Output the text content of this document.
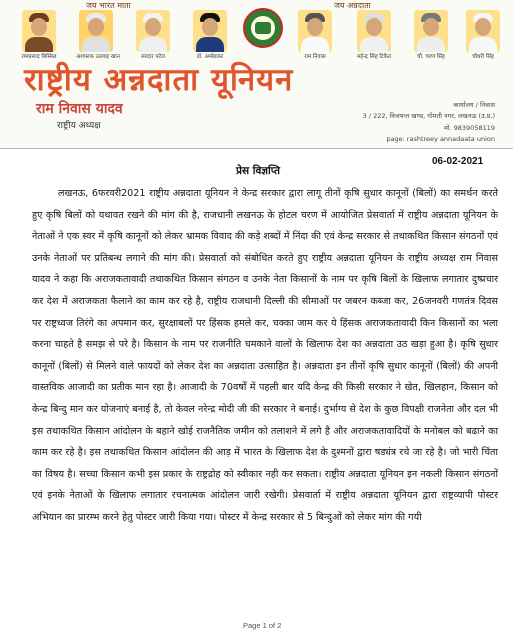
जय भारत माता	जय अन्नदाता
रामप्रसाद बिस्मिल	अशफाक उल्लाह खान	सरदार पटेल	डॉ. अम्बेडकर	राम निवास	महेन्द्र सिंह टिकैत	चौ. चरण सिंह	चौधरी सिंह
राष्ट्रीय अन्नदाता यूनियन
राम निवास यादव
राष्ट्रीय अध्यक्ष
कार्यालय / निवास
3 / 222, विजयन्त खण्ड, गोमती नगर, लखनऊ (उ.प्र.)
मो. 9839058119
page: rashtreey annadaata union
06-02-2021
प्रेस विज्ञप्ति

लखनऊ, 6फरवरी2021 राष्ट्रीय अन्नदाता यूनियन ने केन्द्र सरकार द्वारा लागू तीनों कृषि सुधार कानूनों (बिलों) का समर्थन करते हुए कृषि बिलों को यथावत रखने की मांग की है, राजधानी लखनऊ के होटल चरण में आयोजित प्रेसवार्ता में राष्ट्रीय अन्नदाता यूनियन के नेताओं ने एक स्वर में कृषि कानूनों को लेकर भ्रामक विवाद की कड़े शब्दों में निंदा की एवं केन्द्र सरकार से तथाकथित किसान संगठनों एवं उनके नेताओं पर प्रतिबन्ध लगाने की मांग की। प्रेसवार्ता को संबोधित करते हुए राष्ट्रीय अन्नदाता यूनियन के राष्ट्रीय अध्यक्ष राम निवास यादव ने कहा कि अराजकतावादी तथाकथित किसान संगठन व उनके नेता किसानों के नाम पर कृषि बिलों के खिलाफ लगातार दुष्प्रचार कर देश में अराजकता फैलाने का काम कर रहे है, राष्ट्रीय राजधानी दिल्ली की सीमाओं पर जबरन कब्जा कर, 26जनवरी गणतंत्र दिवस पर राष्ट्रध्वज तिरंगे का अपमान कर, सुरक्षाबलों पर हिंसक हमले कर, चक्का जाम कर ये हिंसक अराजकतावादी किन किसानों का भला करना चाहते है समझ से परे है। किसान के नाम पर राजनीति चमकाने वालों के खिलाफ देश का अन्नदाता उठ खड़ा हुआ है। कृषि सुधार कानूनों (बिलों) से मिलने वाले फायदों को लेकर देश का अन्नदाता उत्साहित है। अन्नदाता इन तीनों कृषि सुधार कानूनों (बिलों) की अपनी वास्तविक आजादी का प्रतीक मान रहा है। आजादी के 70वर्षों में पहली बार यदि केन्द्र की किसी सरकार ने खेत, खिलहान, किसान को केन्द्र बिन्दु मान कर योजनाएं बनाई है, तो केवल नरेन्द्र मोदी जी की सरकार ने बनाई। दुर्भाग्य से देश के कुछ विपक्षी राजनेता और दल भी इस तथाकथित किसान आंदोलन के बहाने खोई राजनैतिक जमीन को तलाशने में लगे है और अराजकतावादियों के मनोबल को बढाने का काम कर रहे है। इस तथाकथित किसान आंदोलन की आड़ में भारत के खिलाफ देश के दुश्मनों द्वारा षड्यंत्र रचे जा रहे है। जो भारी चिंता का विषय है। सच्चा किसान कभी इस प्रकार के राष्ट्रद्रोह को स्वीकार नही कर सकता। राष्ट्रीय अन्नदाता यूनियन इन नकली किसान संगठनों एवं इनके नेताओं के खिलाफ लगातार रचनात्मक आंदोलन जारी रखेगी। प्रेसवार्ता में राष्ट्रीय अन्नदाता यूनियन द्वारा राष्ट्रव्यापी पोस्टर अभियान का प्रारम्भ करने हेतु पोस्टर जारी किया गया। पोस्टर में केन्द्र सरकार से 5 बिन्दुओं को लेकर मांग की गयी

Page 1 of 2
